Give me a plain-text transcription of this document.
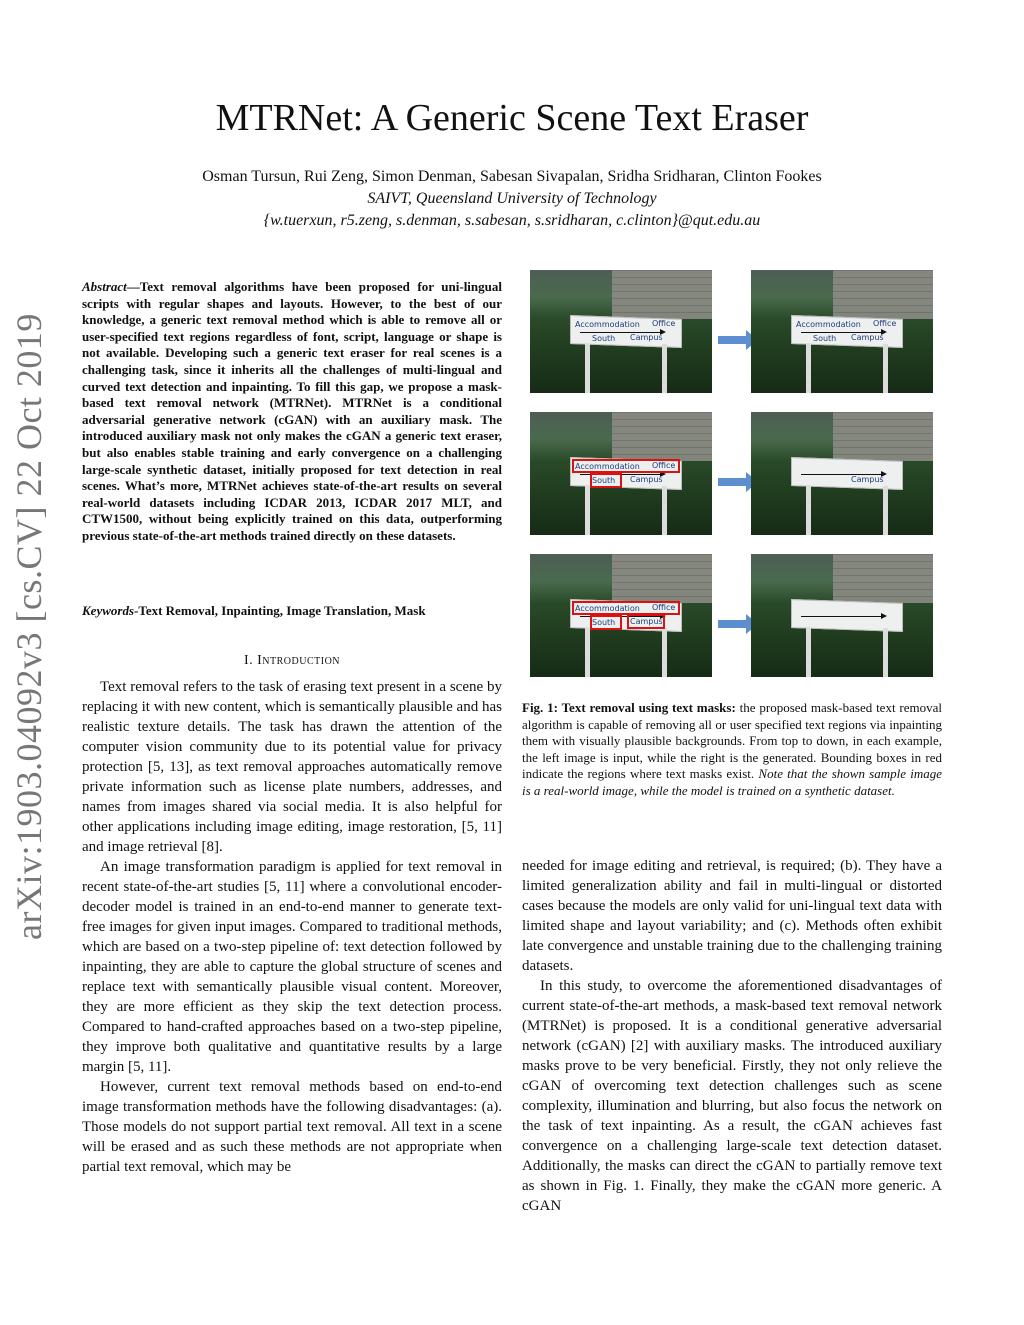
MTRNet: A Generic Scene Text Eraser
Osman Tursun, Rui Zeng, Simon Denman, Sabesan Sivapalan, Sridha Sridharan, Clinton Fookes
SAIVT, Queensland University of Technology
{w.tuerxun, r5.zeng, s.denman, s.sabesan, s.sridharan, c.clinton}@qut.edu.au
arXiv:1903.04092v3 [cs.CV] 22 Oct 2019
Abstract—Text removal algorithms have been proposed for uni-lingual scripts with regular shapes and layouts. However, to the best of our knowledge, a generic text removal method which is able to remove all or user-specified text regions regardless of font, script, language or shape is not available. Developing such a generic text eraser for real scenes is a challenging task, since it inherits all the challenges of multi-lingual and curved text detection and inpainting. To fill this gap, we propose a mask-based text removal network (MTRNet). MTRNet is a conditional adversarial generative network (cGAN) with an auxiliary mask. The introduced auxiliary mask not only makes the cGAN a generic text eraser, but also enables stable training and early convergence on a challenging large-scale synthetic dataset, initially proposed for text detection in real scenes. What’s more, MTRNet achieves state-of-the-art results on several real-world datasets including ICDAR 2013, ICDAR 2017 MLT, and CTW1500, without being explicitly trained on this data, outperforming previous state-of-the-art methods trained directly on these datasets.
Keywords-Text Removal, Inpainting, Image Translation, Mask
I. Introduction

Text removal refers to the task of erasing text present in a scene by replacing it with new content, which is semantically plausible and has realistic texture details. The task has drawn the attention of the computer vision community due to its potential value for privacy protection [5, 13], as text removal approaches automatically remove private information such as license plate numbers, addresses, and names from images shared via social media. It is also helpful for other applications including image editing, image restoration, [5, 11] and image retrieval [8].

An image transformation paradigm is applied for text removal in recent state-of-the-art studies [5, 11] where a convolutional encoder-decoder model is trained in an end-to-end manner to generate text-free images for given input images. Compared to traditional methods, which are based on a two-step pipeline of: text detection followed by inpainting, they are able to capture the global structure of scenes and replace text with semantically plausible visual content. Moreover, they are more efficient as they skip the text detection process. Compared to hand-crafted approaches based on a two-step pipeline, they improve both qualitative and quantitative results by a large margin [5, 11].

However, current text removal methods based on end-to-end image transformation methods have the following disadvantages: (a). Those models do not support partial text removal. All text in a scene will be erased and as such these methods are not appropriate when partial text removal, which may be

Accommodation Office
South Campus
Accommodation Office
South Campus
Accommodation Office
South Campus	Campus
Accommodation Office
South Campus
Fig. 1: Text removal using text masks: the proposed mask-based text removal algorithm is capable of removing all or user specified text regions via inpainting them with visually plausible backgrounds. From top to down, in each example, the left image is input, while the right is the generated. Bounding boxes in red indicate the regions where text masks exist. Note that the shown sample image is a real-world image, while the model is trained on a synthetic dataset.

needed for image editing and retrieval, is required; (b). They have a limited generalization ability and fail in multi-lingual or distorted cases because the models are only valid for uni-lingual text data with limited shape and layout variability; and (c). Methods often exhibit late convergence and unstable training due to the challenging training datasets.

In this study, to overcome the aforementioned disadvantages of current state-of-the-art methods, a mask-based text removal network (MTRNet) is proposed. It is a conditional generative adversarial network (cGAN) [2] with auxiliary masks. The introduced auxiliary masks prove to be very beneficial. Firstly, they not only relieve the cGAN of overcoming text detection challenges such as scene complexity, illumination and blurring, but also focus the network on the task of text inpainting. As a result, the cGAN achieves fast convergence on a challenging large-scale text detection dataset. Additionally, the masks can direct the cGAN to partially remove text as shown in Fig. 1. Finally, they make the cGAN more generic. A cGAN
